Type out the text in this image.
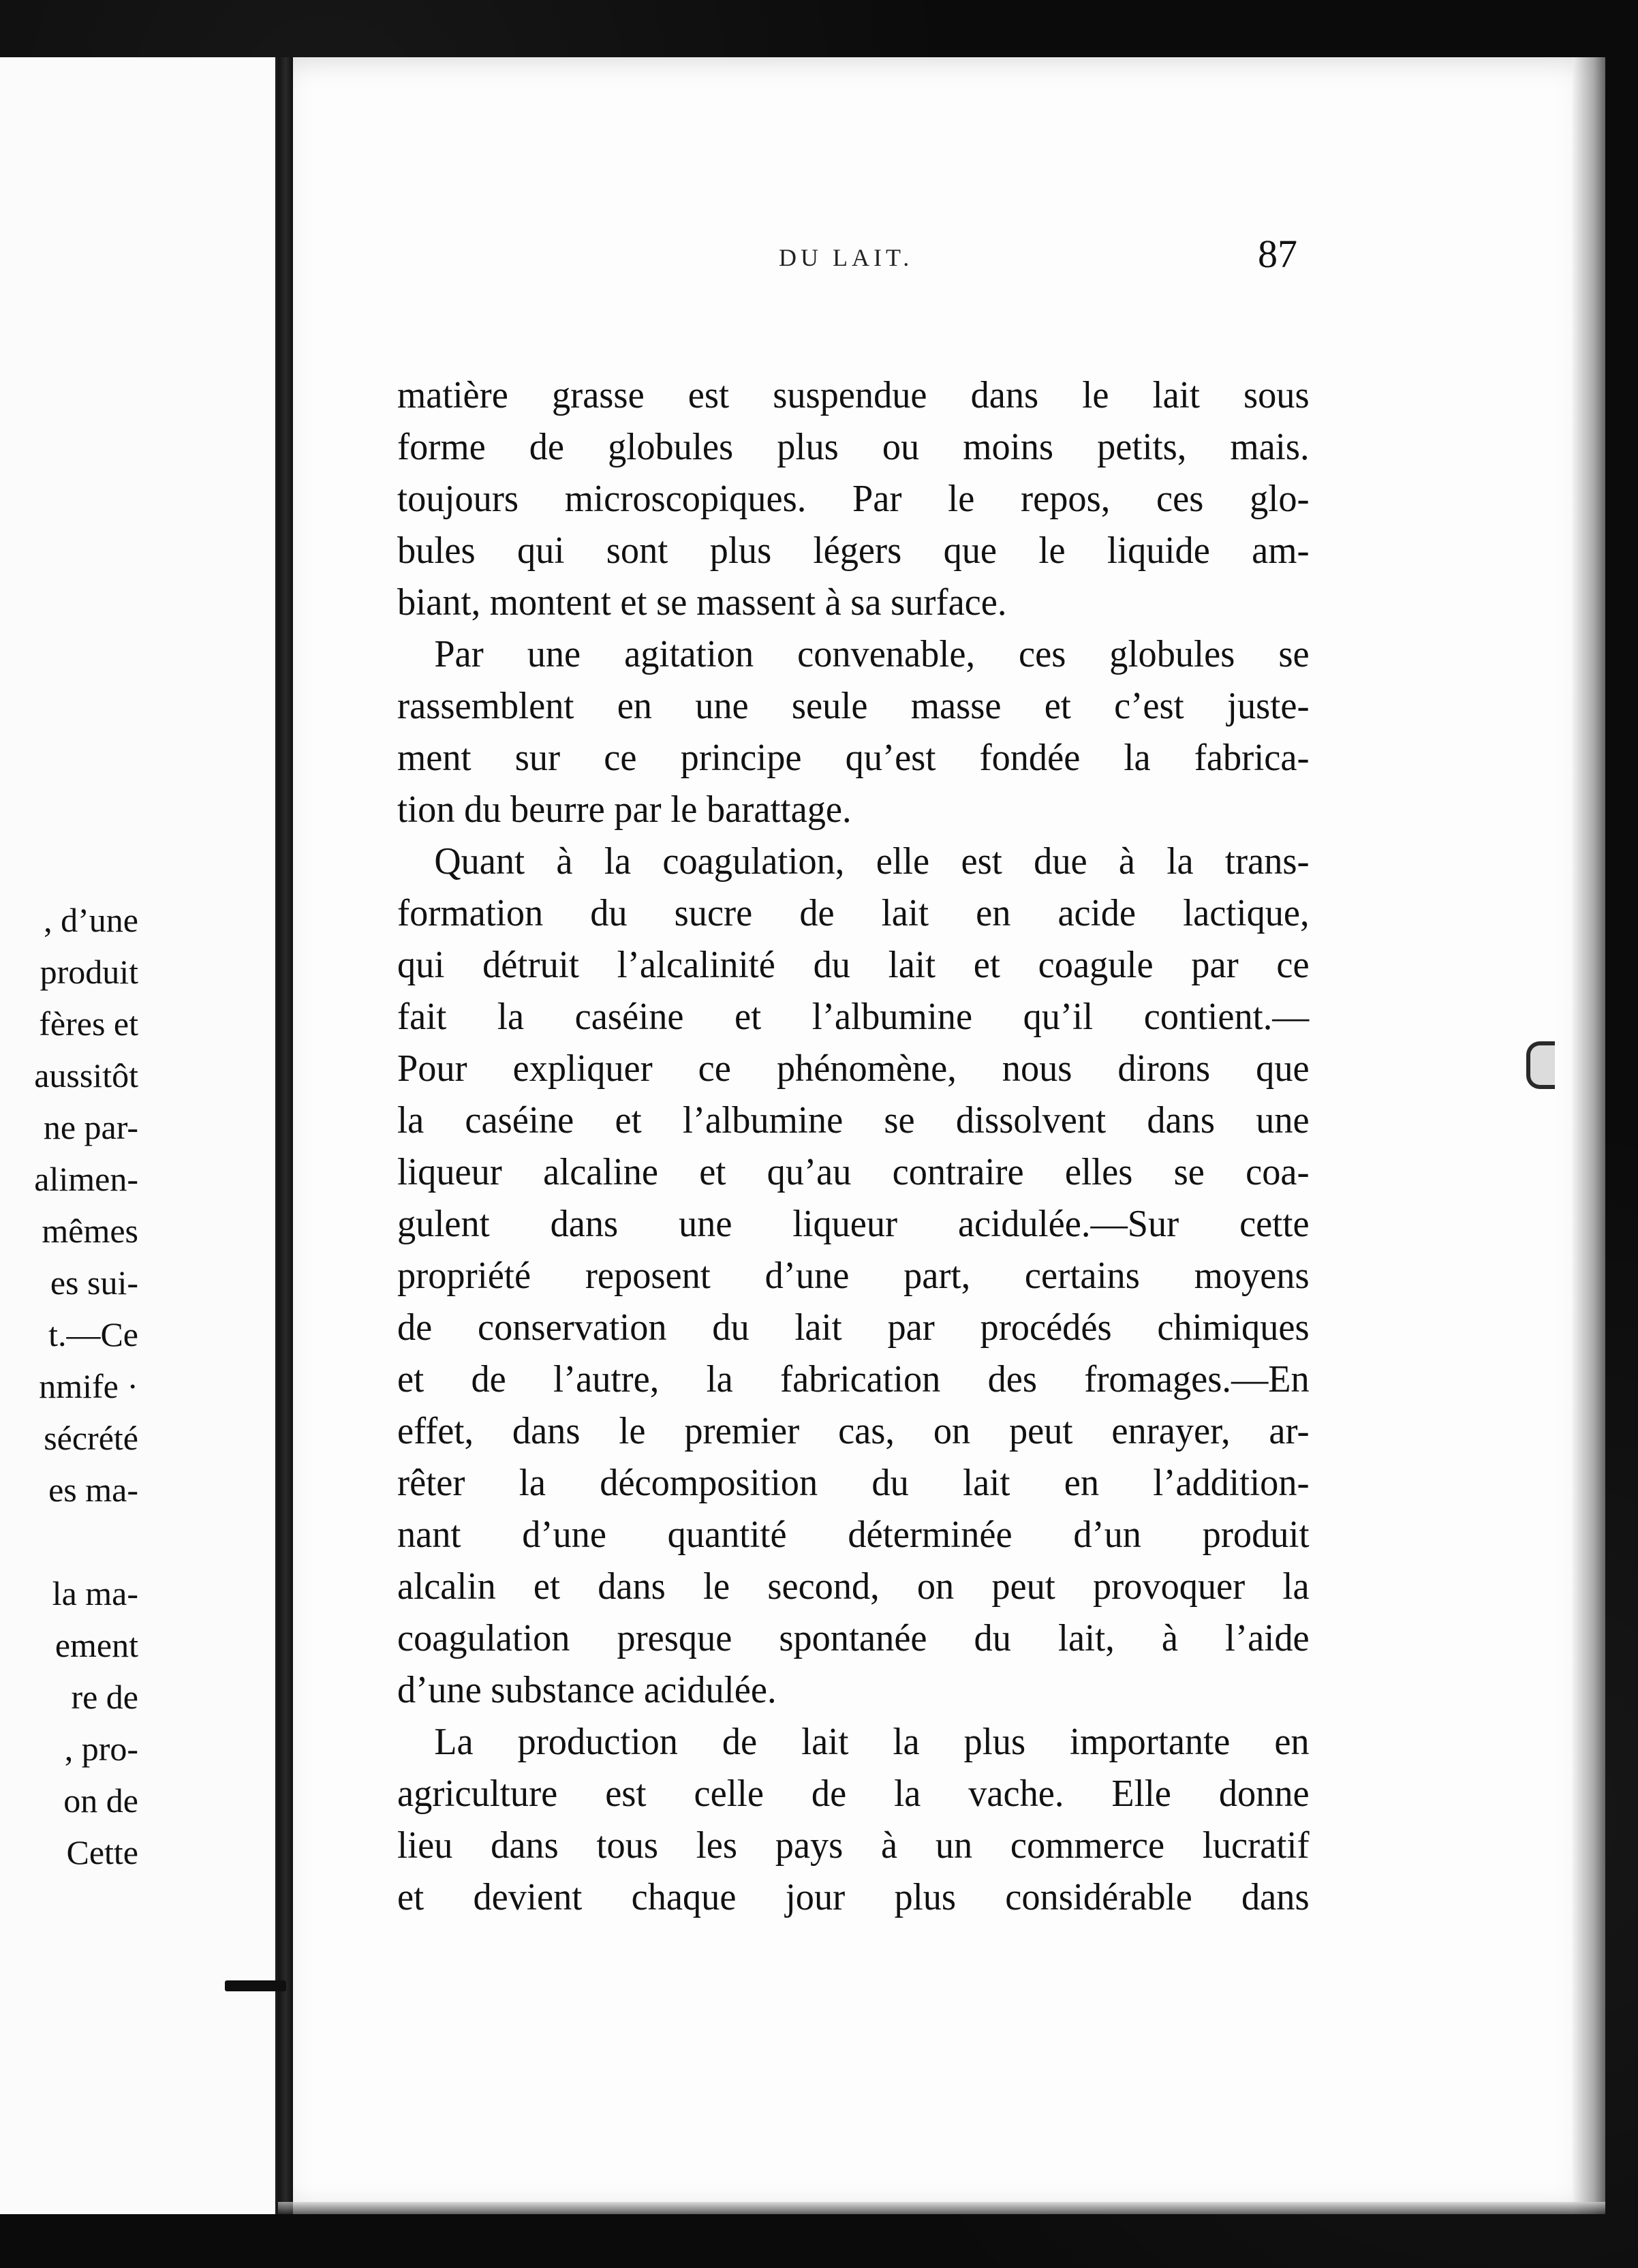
, d’une
produit
fères et
aussitôt
ne par-
alimen-
mêmes
es sui-
t.—Ce
nmife ·
sécrété
es ma-
la ma-
ement
re de
, pro-
on de
Cette
DU LAIT.	87
matière grasse est suspendue dans le lait sous
forme de globules plus ou moins petits, mais.
toujours microscopiques. Par le repos, ces glo-
bules qui sont plus légers que le liquide am-
biant, montent et se massent à sa surface.
Par une agitation convenable, ces globules se
rassemblent en une seule masse et c’est juste-
ment sur ce principe qu’est fondée la fabrica-
tion du beurre par le barattage.
Quant à la coagulation, elle est due à la trans-
formation du sucre de lait en acide lactique,
qui détruit l’alcalinité du lait et coagule par ce
fait la caséine et l’albumine qu’il contient.—
Pour expliquer ce phénomène, nous dirons que
la caséine et l’albumine se dissolvent dans une
liqueur alcaline et qu’au contraire elles se coa-
gulent dans une liqueur acidulée.—Sur cette
propriété reposent d’une part, certains moyens
de conservation du lait par procédés chimiques
et de l’autre, la fabrication des fromages.—En
effet, dans le premier cas, on peut enrayer, ar-
rêter la décomposition du lait en l’addition-
nant d’une quantité déterminée d’un produit
alcalin et dans le second, on peut provoquer la
coagulation presque spontanée du lait, à l’aide
d’une substance acidulée.
La production de lait la plus importante en
agriculture est celle de la vache. Elle donne
lieu dans tous les pays à un commerce lucratif
et devient chaque jour plus considérable dans
